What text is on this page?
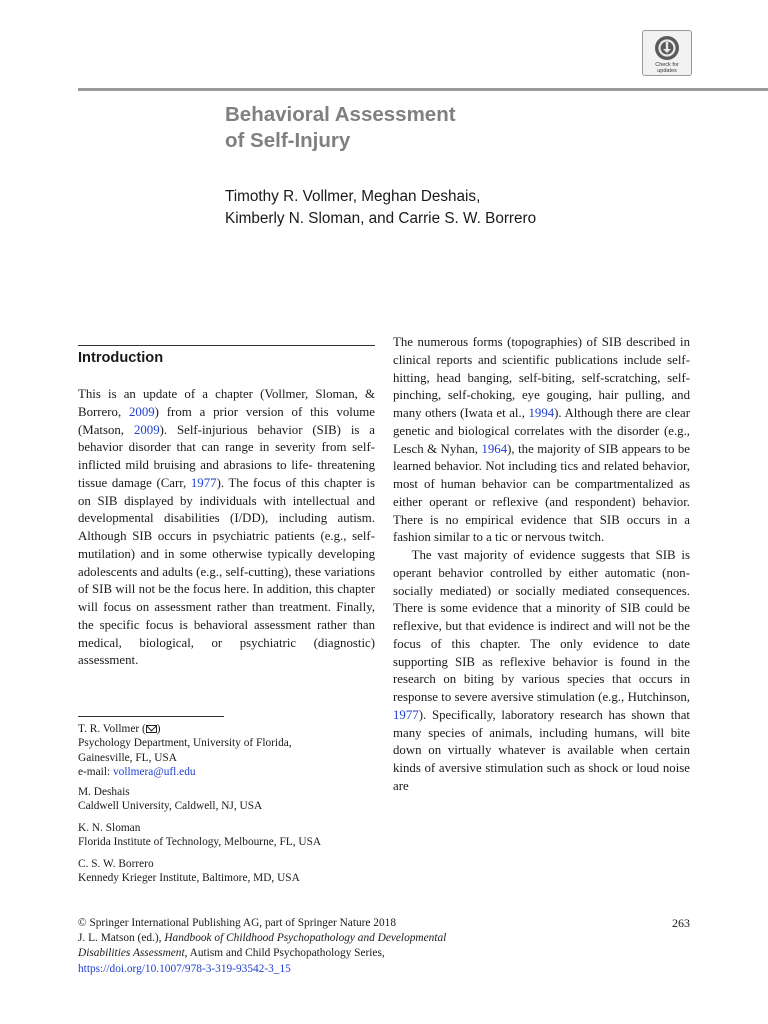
Check for
updates
Behavioral Assessment
of Self-Injury
Timothy R. Vollmer, Meghan Deshais,
Kimberly N. Sloman, and Carrie S. W. Borrero
Introduction

This is an update of a chapter (Vollmer, Sloman, & Borrero, 2009) from a prior version of this volume (Matson, 2009). Self-injurious behavior (SIB) is a behavior disorder that can range in severity from self-inflicted mild bruising and abrasions to life- threatening tissue damage (Carr, 1977). The focus of this chapter is on SIB displayed by individuals with intellectual and developmental disabilities (I/DD), including autism. Although SIB occurs in psychiatric patients (e.g., self-mutilation) and in some otherwise typically developing adolescents and adults (e.g., self-cutting), these variations of SIB will not be the focus here. In addition, this chapter will focus on assessment rather than treatment. Finally, the specific focus is behavioral assessment rather than medical, biological, or psychiatric (diagnostic) assessment.

The numerous forms (topographies) of SIB described in clinical reports and scientific publications include self-hitting, head banging, self-biting, self-scratching, self-pinching, self-choking, eye gouging, hair pulling, and many others (Iwata et al., 1994). Although there are clear genetic and biological correlates with the disorder (e.g., Lesch & Nyhan, 1964), the majority of SIB appears to be learned behavior. Not including tics and related behavior, most of human behavior can be compartmentalized as either operant or reflexive (and respondent) behavior. There is no empirical evidence that SIB occurs in a fashion similar to a tic or nervous twitch.

The vast majority of evidence suggests that SIB is operant behavior controlled by either automatic (non-socially mediated) or socially mediated consequences. There is some evidence that a minority of SIB could be reflexive, but that evidence is indirect and will not be the focus of this chapter. The only evidence to date supporting SIB as reflexive behavior is found in the research on biting by various species that occurs in response to severe aversive stimulation (e.g., Hutchinson, 1977). Specifically, laboratory research has shown that many species of animals, including humans, will bite down on virtually whatever is available when certain kinds of aversive stimulation such as shock or loud noise are

T. R. Vollmer ( )
Psychology Department, University of Florida,
Gainesville, FL, USA
e-mail: vollmera@ufl.edu
M. Deshais
Caldwell University, Caldwell, NJ, USA
K. N. Sloman
Florida Institute of Technology, Melbourne, FL, USA
C. S. W. Borrero
Kennedy Krieger Institute, Baltimore, MD, USA
© Springer International Publishing AG, part of Springer Nature 2018
J. L. Matson (ed.), Handbook of Childhood Psychopathology and Developmental
Disabilities Assessment, Autism and Child Psychopathology Series,
https://doi.org/10.1007/978-3-319-93542-3_15
263
